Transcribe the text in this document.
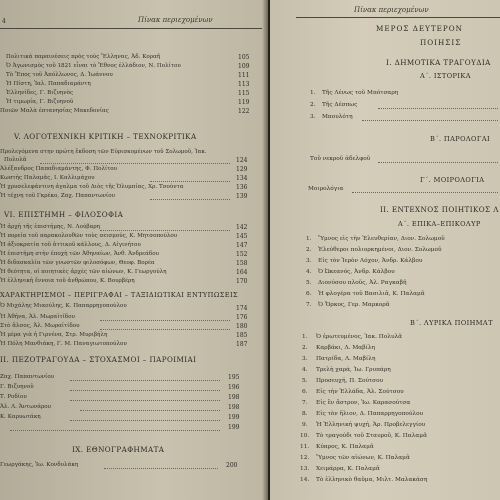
4	Πίνακ περιεχομένων
Πολιτικά παραινέσεις πρὸς τοὺς Ἕλληνας, Ἀδ. Κοραῆ	105
Ὁ Ἀγωνισμὸς τοῦ 1821 εἶναι τὸ Ἔθνος ἑλλάδιον, Ν. Πολίτου	109
Τὸ Ἔπος τοῦ Ἀπόλλωνος, Δ. Ἰωάννου	111
Ἡ Πίστη, Ἰαλ. Παπαδιαμάντη	113
Ἑλληνίδες, Γ. Βιζυηνὸς	115
Ἡ τιμωρία, Γ. Βιζυηνοῦ	119
Ποιῶν Μαλὰ ἑπτανησίας Μακεδονίας	122
V. ΛΟΓΟΤΕΧΝΙΚΗ ΚΡΙΤΙΚΗ – ΤΕΧΝΟΚΡΙΤΙΚΑ
Προλεγόμενα στην πρώτη ἔκδοση τῶν Εὑρισκομένων τοῦ Σολωμοῦ, Ἰακ.
Πολυλᾶ	124
Ἀλέξανδρος Παπαδιαμάντης, Φ. Πολίτου	129
Κωστὴς Παλαμᾶς, Ι. Καλλιμάχου	134
Ἡ χρυσελεφάντινη ἀγαλμα τοῦ Διὸς τῆς Ὀλυμπίας, Χρ. Τσούντα	136
Ἡ τέχνη τοῦ Γκρέκο, Ζαχ. Παπαντωνίου	139
VI. ΕΠΙΣΤΗΜΗ – ΦΙΛΟΣΟΦΙΑ
Ἡ ἀρχὴ τῆς ἐπιστήμης, Ν. Λούβαρη	142
Ἡ πορεία τοῦ παρακολουθῶν τοὺς σεισμούς, Κ. Μητσοπούλου	145
Ἡ ἀξιοκρατία τοῦ ἀττικοῦ κάλλους, Δ. Αἰγινήτου	147
Ἡ ἐπιστήμη στὴν ἐποχὴ τῶν Ἀθηναίων, Ἀνθ. Ἀνδρεάδου	152
Ἡ διδασκαλία τῶν γνωστῶν φιλοσόφων, Θεοφ. Βορέα	158
Ἡ θεότητα, οἱ ποιητικὲς ἀρχὲς τῶν αἰώνων, Κ. Γεωργούλη	164
Ἡ ἑλληνικὴ ἔννοια τοῦ ἀνθρώπου, Κ. Βουρβέρη	170
ΧΑΡΑΚΤΗΡΙΣΜΟΙ – ΠΕΡΙΓΡΑΦΑΙ – ΤΑΞΙΔΙΩΤΙΚΑΙ ΕΝΤΥΠΩΣΕΙΣ
Ὁ Μιχάλης Μιαούλης, Κ. Παπαρρηγοπούλου	174
Ἡ Ἀθήνα, Ἀλ. Μωραϊτίδου	176
Στὸ ἄλσος, Ἀλ. Μωραϊτίδου	180
Ἡ μέρα γιὰ ἡ Γιρνένα, Στρ. Μυριβήλη	185
Ἡ Πόλη Μανθιάκη, Γ. Μ. Παναγιωτοπούλου	187
ΙΙ. ΠΕΖΟΤΡΑΓΟΥΔΑ – ΣΤΟΧΑΣΜΟΙ – ΠΑΡΟΙΜΙΑΙ
Ζαχ. Παπαντωνίου	195
Γ. Βιζυηνοῦ	196
Τ. Ροδίου	198
Ἀλ. Λ. Ἀντωνάρου	198
Κ. Καρυωτάκη	199
199
ΙΧ. ΕΘΝΟΓΡΑΦΗΜΑΤΑ
Γεωργάκης, Ἰω. Κονδυλάκη	200
Πίνακ περιεχομένων
ΜΕΡΟΣ ΔΕΥΤΕΡΟΝ
ΠΟΙΗΣΙΣ
Ι. ΔΗΜΟΤΙΚΑ ΤΡΑΓΟΥΔΙΑ
Α΄. ΙΣΤΟΡΙΚΑ
1. Τῆς Λένως τοῦ Μπότσαρη
2. Τῆς Δέσπως
3. Μπουλότη
Β΄. ΠΑΡΟΛΟΓΑΙ
Τοῦ νεκροῦ ἀδελφοῦ
Γ΄. ΜΟΙΡΟΛΟΓΙΑ
Μοιρολόγια
ΙΙ. ΕΝΤΕΧΝΟΣ ΠΟΙΗΤΙΚΟΣ Λ
Α΄. ΕΠΙΚΑ–ΕΠΙΚΟΛΥΡ
1. Ὕμνος εἰς τὴν Ἐλευθερίαν, Διον. Σολωμοῦ
2. Ἐλεύθεροι πολιορκημένοι, Διον. Σολωμοῦ
3. Εἰς τὸν Ἱερὸν Λόχον, Ἀνδρ. Κάλβου
4. Ὁ Ὠκεανός, Ἀνδρ. Κάλβου
5. Διονύσου πλοῦς, Ἀλ. Ραγκαβῆ
6. Ἡ φλογέρα τοῦ Βασιλιᾶ, Κ. Παλαμᾶ
7. Ὁ Ὅρκος, Γερ. Μαρκορᾶ
Β΄. ΛΥΡΙΚΑ ΠΟΙΗΜΑΤ
1. Ὁ ἐρωτευμένος, Ἰακ. Πολυλᾶ
2. Καρβάκι, Λ. Μαβίλη
3. Πατρίδα, Λ. Μαβίλη
4. Τρελὴ χαρά, Ἰω. Γρυπάρη
5. Προσευχή, Π. Σούτσου
6. Εἰς τὴν Ἑλλάδα, Ἀλ. Σούτσου
7. Εἰς ἓν ἄστρον, Ἰω. Καρασούτσα
8. Εἰς τὸν ἥλιον, Δ. Παπαρρηγοπούλου
9. Ἡ Ἑλληνικὴ ψυχή, Ἀρ. Προβελεγγίου
10. Τὸ τραγούδι τοῦ Σταυροῦ, Κ. Παλαμᾶ
11. Κύπρος, Κ. Παλαμᾶ
12. Ὕμνος τῶν αἰώνων, Κ. Παλαμᾶ
13. Χειμάρρα, Κ. Παλαμᾶ
14. Τὸ ἑλληνικὸ θαῦμα, Μιλτ. Μαλακάση
